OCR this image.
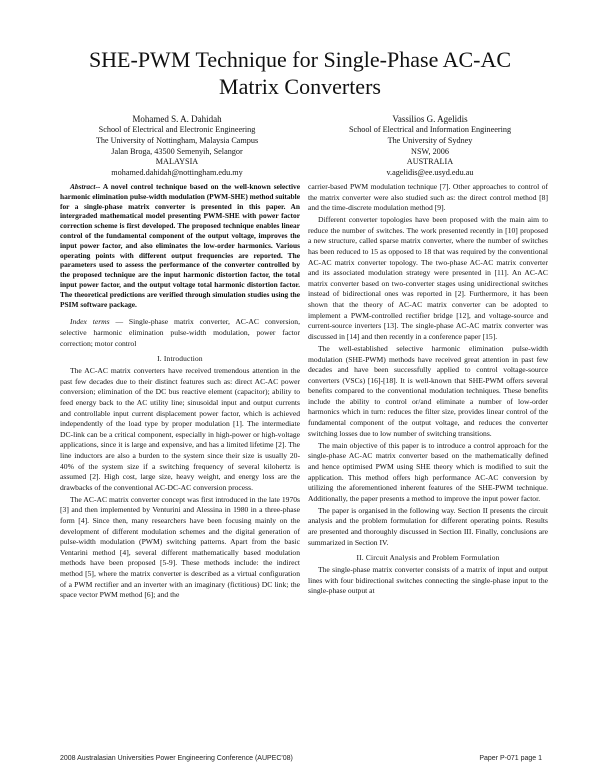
SHE-PWM Technique for Single-Phase AC-AC Matrix Converters
Mohamed S. A. Dahidah
School of Electrical and Electronic Engineering
The University of Nottingham, Malaysia Campus
Jalan Broga, 43500 Semenyih, Selangor
MALAYSIA
mohamed.dahidah@nottingham.edu.my
Vassilios G. Agelidis
School of Electrical and Information Engineering
The University of Sydney
NSW, 2006
AUSTRALIA
v.agelidis@ee.usyd.edu.au

Abstract-- A novel control technique based on the well-known selective harmonic elimination pulse-width modulation (PWM-SHE) method suitable for a single-phase matrix converter is presented in this paper. An intergraded mathematical model presenting PWM-SHE with power factor correction scheme is first developed. The proposed technique enables linear control of the fundamental component of the output voltage, improves the input power factor, and also eliminates the low-order harmonics. Various operating points with different output frequencies are reported. The parameters used to assess the performance of the converter controlled by the proposed technique are the input harmonic distortion factor, the total input power factor, and the output voltage total harmonic distortion factor. The theoretical predictions are verified through simulation studies using the PSIM software package.

Index terms — Single-phase matrix converter, AC-AC conversion, selective harmonic elimination pulse-width modulation, power factor correction; motor control

I. Introduction

The AC-AC matrix converters have received tremendous attention in the past few decades due to their distinct features such as: direct AC-AC power conversion; elimination of the DC bus reactive element (capacitor); ability to feed energy back to the AC utility line; sinusoidal input and output currents and controllable input current displacement power factor, which is achieved independently of the load type by proper modulation [1]. The intermediate DC-link can be a critical component, especially in high-power or high-voltage applications, since it is large and expensive, and has a limited lifetime [2]. The line inductors are also a burden to the system since their size is usually 20-40% of the system size if a switching frequency of several kilohertz is assumed [2]. High cost, large size, heavy weight, and energy loss are the drawbacks of the conventional AC-DC-AC conversion process.

The AC-AC matrix converter concept was first introduced in the late 1970s [3] and then implemented by Venturini and Alessina in 1980 in a three-phase form [4]. Since then, many researchers have been focusing mainly on the development of different modulation schemes and the digital generation of pulse-width modulation (PWM) switching patterns. Apart from the basic Ventarini method [4], several different mathematically based modulation methods have been proposed [5-9]. These methods include: the indirect method [5], where the matrix converter is described as a virtual configuration of a PWM rectifier and an inverter with an imaginary (fictitious) DC link; the space vector PWM method [6]; and the

carrier-based PWM modulation technique [7]. Other approaches to control of the matrix converter were also studied such as: the direct control method [8] and the time-discrete modulation method [9].

Different converter topologies have been proposed with the main aim to reduce the number of switches. The work presented recently in [10] proposed a new structure, called sparse matrix converter, where the number of switches has been reduced to 15 as opposed to 18 that was required by the conventional AC-AC matrix converter topology. The two-phase AC-AC matrix converter and its associated modulation strategy were presented in [11]. An AC-AC matrix converter based on two-converter stages using unidirectional switches instead of bidirectional ones was reported in [2]. Furthermore, it has been shown that the theory of AC-AC matrix converter can be adopted to implement a PWM-controlled rectifier bridge [12], and voltage-source and current-source inverters [13]. The single-phase AC-AC matrix converter was discussed in [14] and then recently in a conference paper [15].

The well-established selective harmonic elimination pulse-width modulation (SHE-PWM) methods have received great attention in past few decades and have been successfully applied to control voltage-source converters (VSCs) [16]-[18]. It is well-known that SHE-PWM offers several benefits compared to the conventional modulation techniques. These benefits include the ability to control or/and eliminate a number of low-order harmonics which in turn: reduces the filter size, provides linear control of the fundamental component of the output voltage, and reduces the converter switching losses due to low number of switching transitions.

The main objective of this paper is to introduce a control approach for the single-phase AC-AC matrix converter based on the mathematically defined and hence optimised PWM using SHE theory which is modified to suit the application. This method offers high performance AC-AC conversion by utilizing the aforementioned inherent features of the SHE-PWM technique. Additionally, the paper presents a method to improve the input power factor.

The paper is organised in the following way. Section II presents the circuit analysis and the problem formulation for different operating points. Results are presented and thoroughly discussed in Section III. Finally, conclusions are summarized in Section IV.

II. Circuit Analysis and Problem Formulation

The single-phase matrix converter consists of a matrix of input and output lines with four bidirectional switches connecting the single-phase input to the single-phase output at

2008 Australasian Universities Power Engineering Conference (AUPEC'08)	Paper P-071 page 1
